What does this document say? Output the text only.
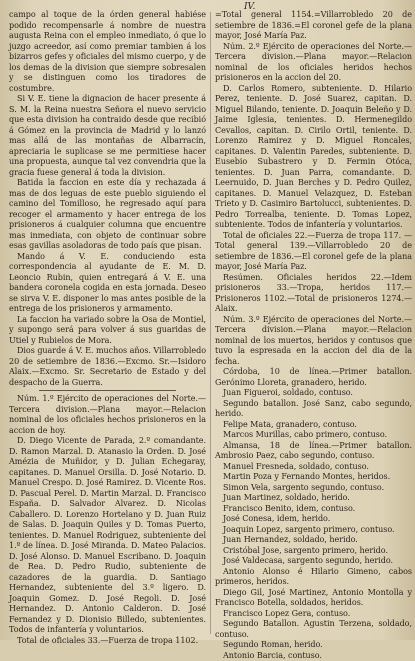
IV.

campo al toque de la órden general habiése podido recompensarle á nombre de nuestra augusta Reina con el empleo inmediato, ó que lo juzgo acreedor, así como premiar tambien á los bizarros gefes y oficiales del mismo cuerpo, y de los demas de la division que siempre sobresalen y se distinguen como los tiradores de costumbre.

Si V. E. tiene la dignacion de hacer presente á S. M. la Reina nuestra Señora el nuevo servicio que esta division ha contraido desde que recibió á Gómez en la provincia de Madrid y lo lanzó mas allá de las montañas de Albarracín, apreciaria le suplicase se me permitiese hacer una propuesta, aunque tal vez convendria que la gracia fuese general á toda la division.

Batida la faccion en este día y rechazada á mas de dos leguas de este pueblo siguiendo el camino del Tomilloso, he regresado aquí para recoger el armamento y hacer entrega de los prisioneros á cualquier columna que encuentre mas inmediata, con objeto de continuar sobre esas gavillas asoladoras de todo país que pisan.

Mando á V. E. conduciendo esta correspondencia al ayudante de E. M. D. Leoncio Rubin, quien entregará á V. E. una bandera coronela cogida en esta jornada. Deseo se sirva V. E. disponer lo mas antes posible de la entrega de los prisioneros y armamento.

La faccion ha variado sobre la Osa de Montiel, y supongo será para volver á sus guaridas de Utiel y Rubielos de Mora.

Dios guarde á V. E. muchos años. Villarrobledo 20 de setiembre de 1836.—Excmo. Sr.—Isidoro Alaix.—Excmo. Sr. Secretario de Estado y del despacho de la Guerra.

Núm. 1.º Ejército de operaciones del Norte.—Tercera division.—Plana mayor.—Relacion nominal de los oficiales hechos prisioneros en la accion de hoy.

D. Diego Vicente de Parada, 2.º comandante. D. Ramon Marzal. D. Atanasio la Orden. D. José Amézia de Muñidor, y D. Julian Echegaray, capitanes. D. Manuel Orsilla. D. José Notario. D. Manuel Crespo. D. José Ramirez. D. Vicente Ros. D. Pascual Perel. D. Martin Marzal. D. Francisco España. D. Salvador Alvarez. D. Nicolas Caballero. D. Lorenzo Hortelano y D. Juan Ruiz de Salas. D. Joaquin Quiles y D. Tomas Puerto, tenientes. D. Manuel Rodriguez, subteniente del 1.º de línea. D. José Miranda. D. Mateo Palacios. D. José Alonso. D. Manuel Escribano. D. Joaquin de Rea. D. Pedro Rudio, subteniente de cazadores de la guardia. D. Santiago Hernandez, subteniente del 3.º ligero. D. Joaquin Gomez. D. José Regoli. D. José Hernandez. D. Antonio Calderon. D. José Fernandez y D. Dionisio Billedo, subtenientes. Todos de infantería y voluntarios.

Total de oficiales 33.—Fuerza de tropa 1102.

=Total general 1154.=Villarrobledo 20 de setiembre de 1836.=El coronel gefe de la plana mayor, José María Paz.

Núm. 2.º Ejército de operaciones del Norte.—Tercera division.—Plana mayor.—Relacion nominal de los oficiales heridos hechos prisioneros en la accion del 20.

D. Carlos Romero, subteniente. D. Hilario Perez, teniente. D. José Suarez, capitan. D. Miguel Bilando, teniente. D. Joaquin Beleño y D. Jaime Iglesia, tenientes. D. Hermenegildo Cevallos, capitan. D. Cirilo Ortil, teniente. D. Lorenzo Ramirez y D. Miguel Roncales, capitanes. D. Valentin Paredes, subteniente. D. Eusebio Subastrero y D. Fermin Otóca, tenientes. D. Juan Parra, comandante. D. Leernuido, D. Juan Berches y D. Pedro Quilez, capitanes. D. Manuel Velazquez, D. Esteban Trieto y D. Casimiro Bartolucci, subtenientes. D. Pedro Torrealba, teniente. D. Tomas Lopez, subteniente. Todos de infantería y voluntarios.

Total de oficiales 22.—Fuerza de tropa 117. —Total general 139.—Villarrobledo 20 de setiembre de 1836.—El coronel gefe de la plana mayor, José María Paz.

Resúmen. Oficiales heridos 22.—Idem prisioneros 33.—Tropa, heridos 117.—Prisioneros 1102.—Total de prisioneros 1274.—Alaix.

Núm. 3.º Ejército de operaciones del Norte.—Tercera division.—Plana mayor.—Relacion nominal de los muertos, heridos y contusos que tuvo la espresada en la accion del dia de la fecha.

Córdoba, 10 de línea.—Primer batallon. Gerónimo Lloreta, granadero, herido.

Juan Figueroi, soldado, contuso.

Segundo batallon. José Sanz, cabo segundo, herido.

Felipe Mata, granadero, contuso.

Marcos Murillas, cabo primero, contuso.

Almansa, 18 de línea.—Primer batallon. Ambrosio Paez, cabo segundo, contuso.

Manuel Fresneda, soldado, contuso.

Martin Poza y Fernando Montes, heridos.

Simon Vela, sargento segundo, contuso.

Juan Martinez, soldado, herido.

Francisco Benito, idem, contuso.

José Conesa, idem, herido.

Joaquin Lopez, sargento primero, contuso.

Juan Hernandez, soldado, herido.

Cristóbal Jose, sargento primero, herido.

José Valdecasa, sargento segundo, herido.

Antonio Alonso é Hilario Gimeno, cabos primeros, heridos.

Diego Gil, José Martinez, Antonio Montolla y Francisco Botella, soldados, heridos.

Francisco Lopez Gera, contuso.

Segundo Batallon. Agustin Terzena, soldado, contuso.

Segundo Roman, herido.

Antonio Barcia, contuso.
